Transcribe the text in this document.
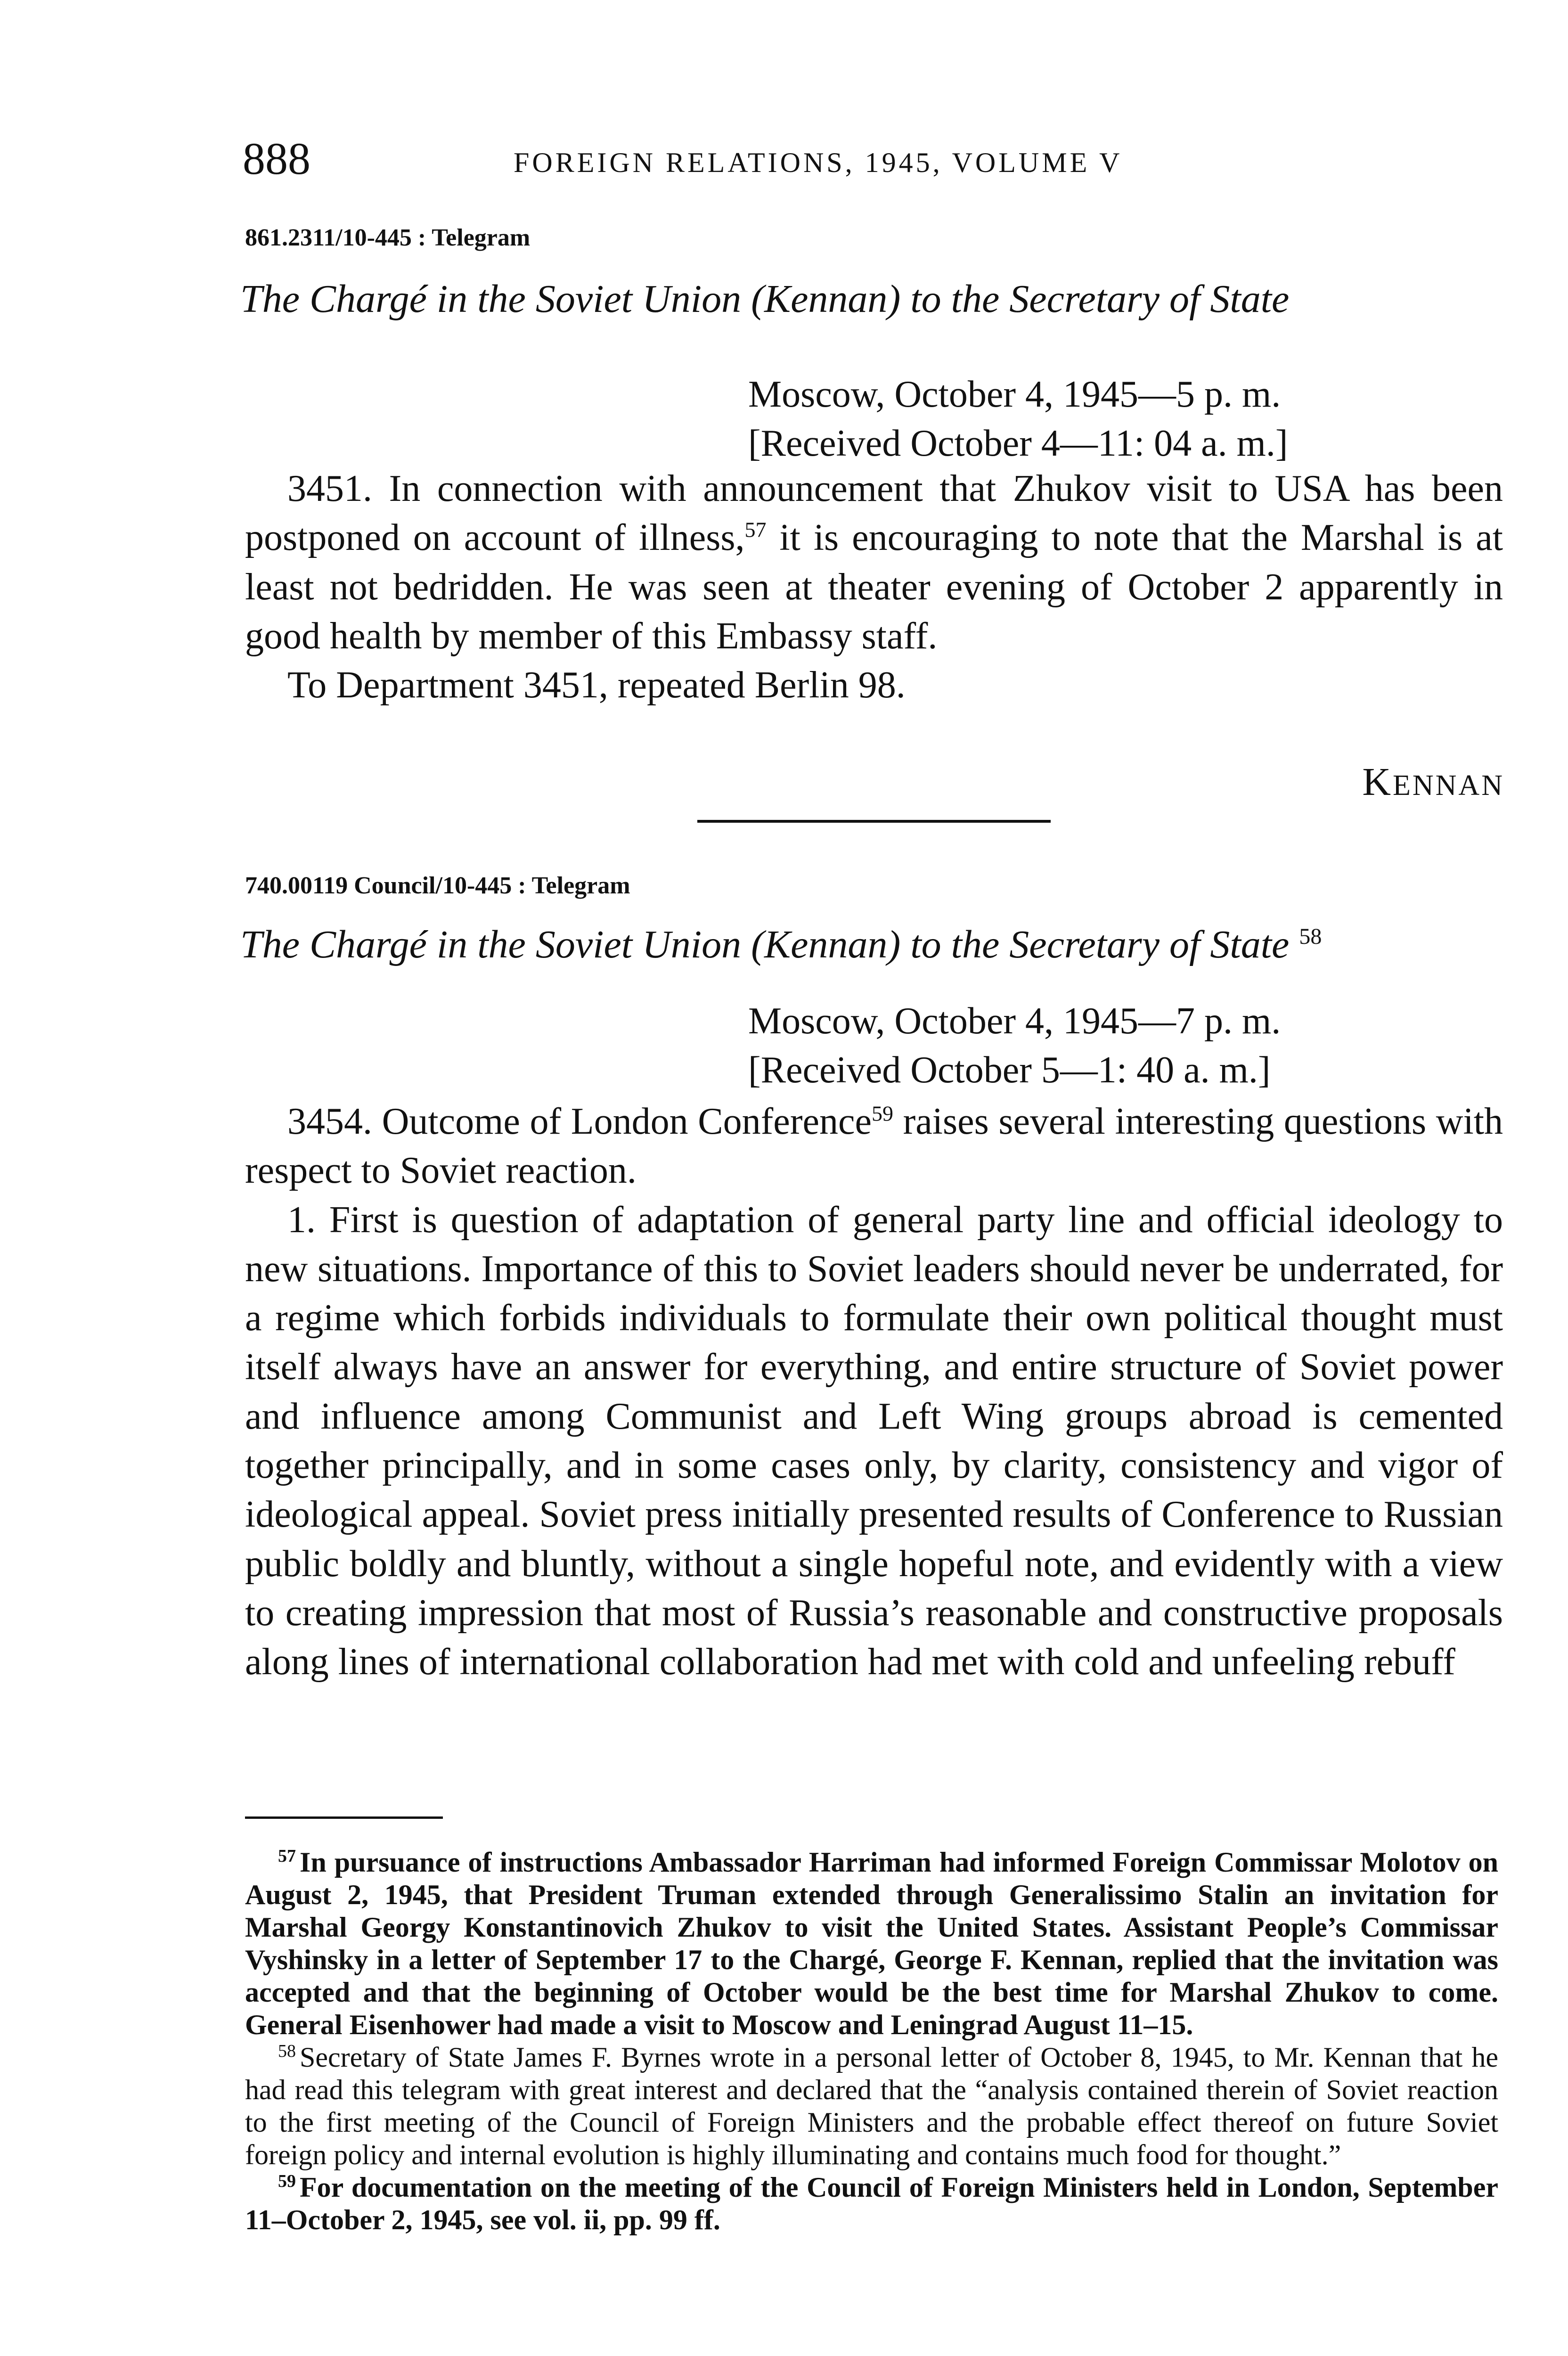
888	FOREIGN RELATIONS, 1945, VOLUME V
861.2311/10-445 : Telegram
The Chargé in the Soviet Union (Kennan) to the Secretary of State
Moscow, October 4, 1945—5 p. m.
[Received October 4—11: 04 a. m.]

3451. In connection with announcement that Zhukov visit to USA has been postponed on account of illness,$^{57}$ it is encouraging to note that the Marshal is at least not bedridden. He was seen at theater evening of October 2 apparently in good health by member of this Embassy staff.

To Department 3451, repeated Berlin 98.

KENNAN
740.00119 Council/10-445 : Telegram
The Chargé in the Soviet Union (Kennan) to the Secretary of State $^{58}$
Moscow, October 4, 1945—7 p. m.
[Received October 5—1: 40 a. m.]

3454. Outcome of London Conference$^{59}$ raises several interesting questions with respect to Soviet reaction.

1. First is question of adaptation of general party line and official ideology to new situations. Importance of this to Soviet leaders should never be underrated, for a regime which forbids individuals to formulate their own political thought must itself always have an answer for everything, and entire structure of Soviet power and influence among Communist and Left Wing groups abroad is cemented together principally, and in some cases only, by clarity, consistency and vigor of ideological appeal. Soviet press initially presented results of Conference to Russian public boldly and bluntly, without a single hopeful note, and evidently with a view to creating impression that most of Russia’s reasonable and constructive proposals along lines of international collaboration had met with cold and unfeeling rebuff

$^{57}$ In pursuance of instructions Ambassador Harriman had informed Foreign Commissar Molotov on August 2, 1945, that President Truman extended through Generalissimo Stalin an invitation for Marshal Georgy Konstantinovich Zhukov to visit the United States. Assistant People’s Commissar Vyshinsky in a letter of September 17 to the Chargé, George F. Kennan, replied that the invitation was accepted and that the beginning of October would be the best time for Marshal Zhukov to come. General Eisenhower had made a visit to Moscow and Leningrad August 11–15.

$^{58}$ Secretary of State James F. Byrnes wrote in a personal letter of October 8, 1945, to Mr. Kennan that he had read this telegram with great interest and declared that the “analysis contained therein of Soviet reaction to the first meeting of the Council of Foreign Ministers and the probable effect thereof on future Soviet foreign policy and internal evolution is highly illuminating and contains much food for thought.”

$^{59}$ For documentation on the meeting of the Council of Foreign Ministers held in London, September 11–October 2, 1945, see vol. ii, pp. 99 ff.
